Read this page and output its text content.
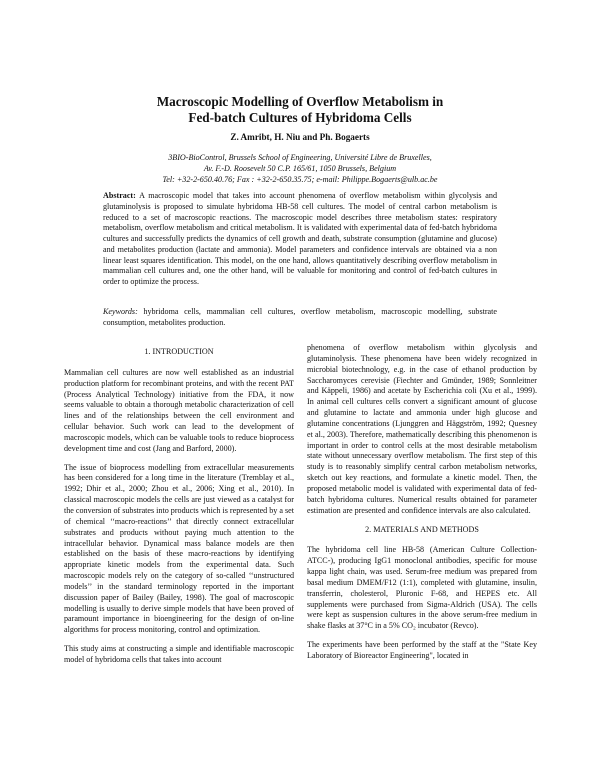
Macroscopic Modelling of Overflow Metabolism in
Fed-batch Cultures of Hybridoma Cells
Z. Amribt, H. Niu and Ph. Bogaerts
3BIO-BioControl, Brussels School of Engineering, Université Libre de Bruxelles,
Av. F.-D. Roosevelt 50 C.P. 165/61, 1050 Brussels, Belgium
Tel: +32-2-650.40.76; Fax : +32-2-650.35.75; e-mail: Philippe.Bogaerts@ulb.ac.be
Abstract: A macroscopic model that takes into account phenomena of overflow metabolism within glycolysis and glutaminolysis is proposed to simulate hybridoma HB-58 cell cultures. The model of central carbon metabolism is reduced to a set of macroscopic reactions. The macroscopic model describes three metabolism states: respiratory metabolism, overflow metabolism and critical metabolism. It is validated with experimental data of fed-batch hybridoma cultures and successfully predicts the dynamics of cell growth and death, substrate consumption (glutamine and glucose) and metabolites production (lactate and ammonia). Model parameters and confidence intervals are obtained via a non linear least squares identification. This model, on the one hand, allows quantitatively describing overflow metabolism in mammalian cell cultures and, one the other hand, will be valuable for monitoring and control of fed-batch cultures in order to optimize the process.
Keywords: hybridoma cells, mammalian cell cultures, overflow metabolism, macroscopic modelling, substrate consumption, metabolites production.
1. INTRODUCTION

Mammalian cell cultures are now well established as an industrial production platform for recombinant proteins, and with the recent PAT (Process Analytical Technology) initiative from the FDA, it now seems valuable to obtain a thorough metabolic characterization of cell lines and of the relationships between the cell environment and cellular behavior. Such work can lead to the development of macroscopic models, which can be valuable tools to reduce bioprocess development time and cost (Jang and Barford, 2000).

The issue of bioprocess modelling from extracellular measurements has been considered for a long time in the literature (Tremblay et al., 1992; Dhir et al., 2000; Zhou et al., 2006; Xing et al., 2010). In classical macroscopic models the cells are just viewed as a catalyst for the conversion of substrates into products which is represented by a set of chemical ‘‘macro-reactions’’ that directly connect extracellular substrates and products without paying much attention to the intracellular behavior. Dynamical mass balance models are then established on the basis of these macro-reactions by identifying appropriate kinetic models from the experimental data. Such macroscopic models rely on the category of so-called ‘‘unstructured models’’ in the standard terminology reported in the important discussion paper of Bailey (Bailey, 1998). The goal of macroscopic modelling is usually to derive simple models that have been proved of paramount importance in bioengineering for the design of on-line algorithms for process monitoring, control and optimization.

This study aims at constructing a simple and identifiable macroscopic model of hybridoma cells that takes into account

phenomena of overflow metabolism within glycolysis and glutaminolysis. These phenomena have been widely recognized in microbial biotechnology, e.g. in the case of ethanol production by Saccharomyces cerevisie (Fiechter and Gmünder, 1989; Sonnleitner and Käppeli, 1986) and acetate by Escherichia coli (Xu et al., 1999). In animal cell cultures cells convert a significant amount of glucose and glutamine to lactate and ammonia under high glucose and glutamine concentrations (Ljunggren and Häggström, 1992; Quesney et al., 2003). Therefore, mathematically describing this phenomenon is important in order to control cells at the most desirable metabolism state without unnecessary overflow metabolism. The first step of this study is to reasonably simplify central carbon metabolism networks, sketch out key reactions, and formulate a kinetic model. Then, the proposed metabolic model is validated with experimental data of fed-batch hybridoma cultures. Numerical results obtained for parameter estimation are presented and confidence intervals are also calculated.

2. MATERIALS AND METHODS

The hybridoma cell line HB-58 (American Culture Collection-ATCC-), producing IgG1 monoclonal antibodies, specific for mouse kappa light chain, was used. Serum-free medium was prepared from basal medium DMEM/F12 (1:1), completed with glutamine, insulin, transferrin, cholesterol, Pluronic F-68, and HEPES etc. All supplements were purchased from Sigma-Aldrich (USA). The cells were kept as suspension cultures in the above serum-free medium in shake flasks at 37°C in a 5% CO₂ incubator (Revco).

The experiments have been performed by the staff at the "State Key Laboratory of Bioreactor Engineering", located in
